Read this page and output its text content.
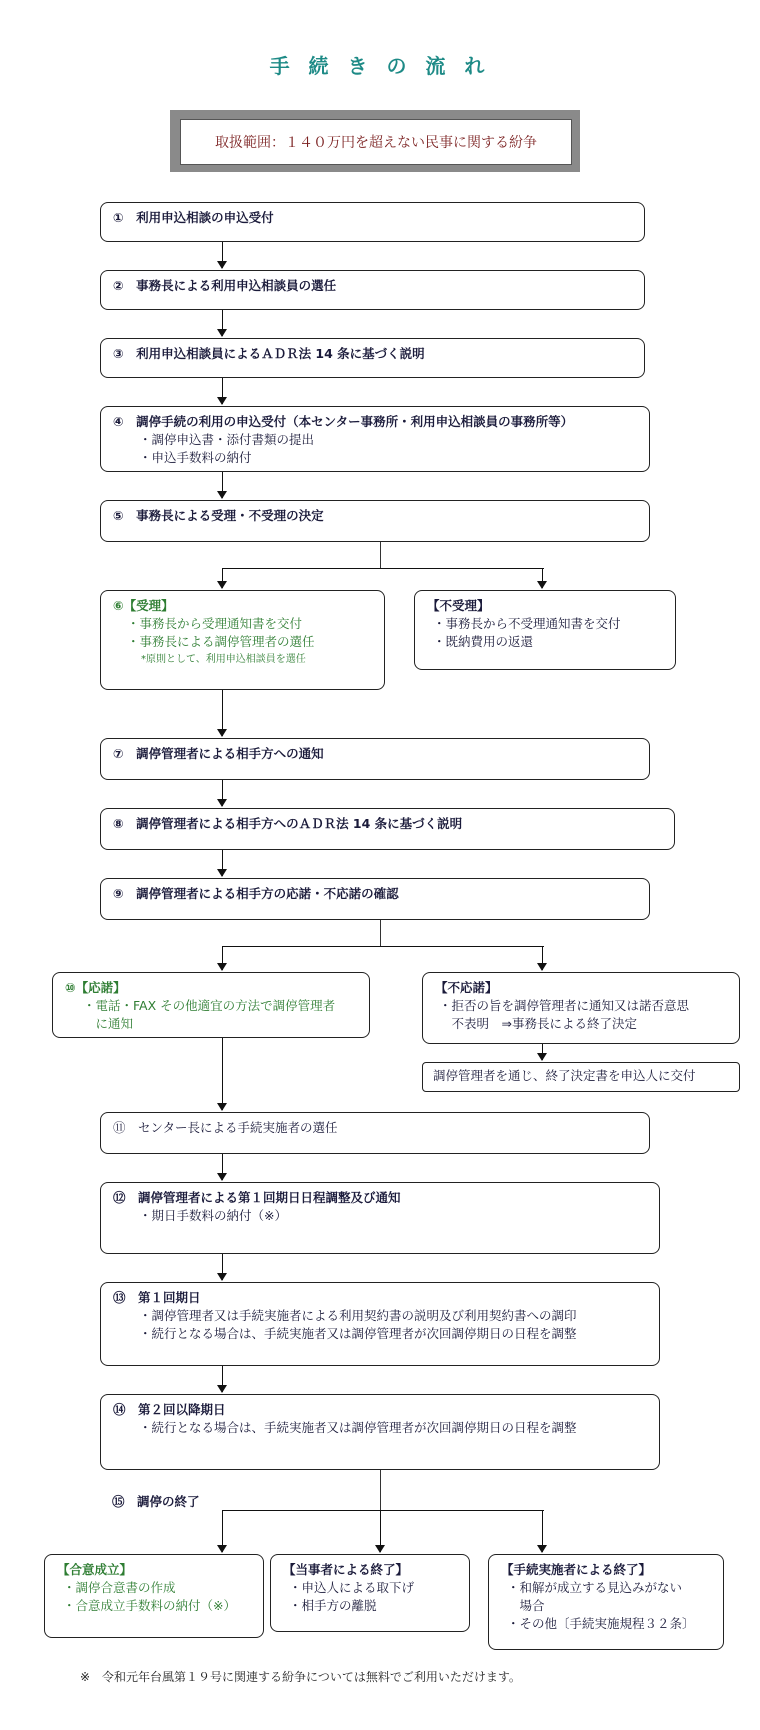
手 続 き の 流 れ
取扱範囲：１４０万円を超えない民事に関する紛争
①　利用申込相談の申込受付
②　事務長による利用申込相談員の選任
③　利用申込相談員によるＡＤＲ法 14 条に基づく説明
④　調停手続の利用の申込受付（本センター事務所・利用申込相談員の事務所等）
・調停申込書・添付書類の提出
・申込手数料の納付
⑤　事務長による受理・不受理の決定
⑥【受理】
・事務長から受理通知書を交付
・事務長による調停管理者の選任
*原則として、利用申込相談員を選任
【不受理】
・事務長から不受理通知書を交付
・既納費用の返還
⑦　調停管理者による相手方への通知
⑧　調停管理者による相手方へのＡＤＲ法 14 条に基づく説明
⑨　調停管理者による相手方の応諾・不応諾の確認
⑩【応諾】
・電話・FAX その他適宜の方法で調停管理者
　に通知
【不応諾】
・拒否の旨を調停管理者に通知又は諾否意思
　不表明　⇒事務長による終了決定
調停管理者を通じ、終了決定書を申込人に交付
⑪　センター長による手続実施者の選任
⑫　調停管理者による第１回期日日程調整及び通知
・期日手数料の納付（※）
⑬　第１回期日
・調停管理者又は手続実施者による利用契約書の説明及び利用契約書への調印
・続行となる場合は、手続実施者又は調停管理者が次回調停期日の日程を調整
⑭　第２回以降期日
・続行となる場合は、手続実施者又は調停管理者が次回調停期日の日程を調整
⑮　調停の終了
【合意成立】
・調停合意書の作成
・合意成立手数料の納付（※）
【当事者による終了】
・申込人による取下げ
・相手方の離脱
【手続実施者による終了】
・和解が成立する見込みがない
　場合
・その他〔手続実施規程３２条〕
※　令和元年台風第１９号に関連する紛争については無料でご利用いただけます。
